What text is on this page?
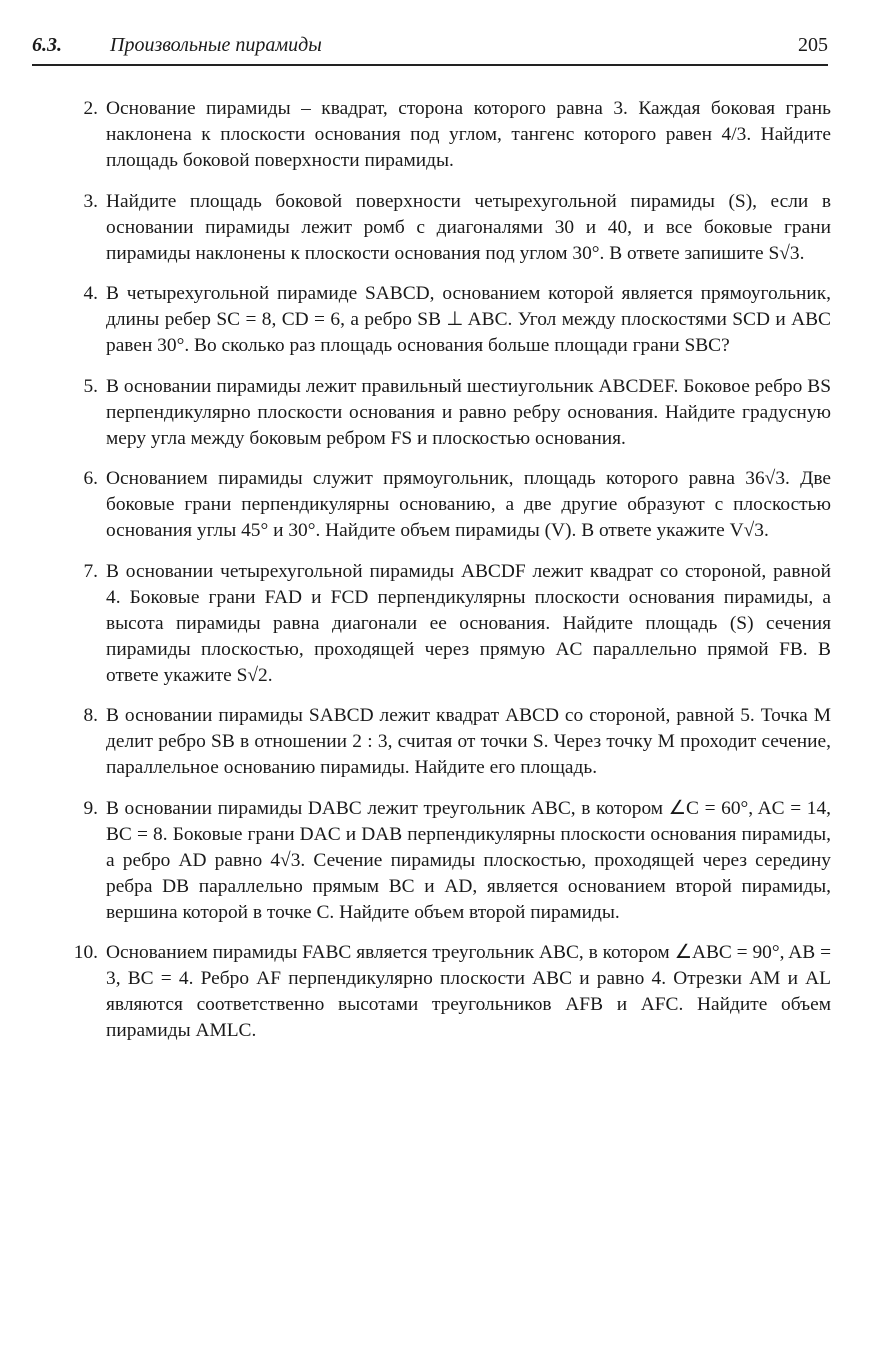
6.3. Произвольные пирамиды	205
2. Основание пирамиды – квадрат, сторона которого равна 3. Каждая боковая грань наклонена к плоскости основания под углом, тангенс которого равен 4/3. Найдите площадь боковой поверхности пирамиды.
3. Найдите площадь боковой поверхности четырехугольной пирамиды (S), если в основании пирамиды лежит ромб с диагоналями 30 и 40, и все боковые грани пирамиды наклонены к плоскости основания под углом 30°. В ответе запишите S√3.
4. В четырехугольной пирамиде SABCD, основанием которой является прямоугольник, длины ребер SC = 8, CD = 6, а ребро SB ⊥ ABC. Угол между плоскостями SCD и ABC равен 30°. Во сколько раз площадь основания больше площади грани SBC?
5. В основании пирамиды лежит правильный шестиугольник ABCDEF. Боковое ребро BS перпендикулярно плоскости основания и равно ребру основания. Найдите градусную меру угла между боковым ребром FS и плоскостью основания.
6. Основанием пирамиды служит прямоугольник, площадь которого равна 36√3. Две боковые грани перпендикулярны основанию, а две другие образуют с плоскостью основания углы 45° и 30°. Найдите объем пирамиды (V). В ответе укажите V√3.
7. В основании четырехугольной пирамиды ABCDF лежит квадрат со стороной, равной 4. Боковые грани FAD и FCD перпендикулярны плоскости основания пирамиды, а высота пирамиды равна диагонали ее основания. Найдите площадь (S) сечения пирамиды плоскостью, проходящей через прямую AC параллельно прямой FB. В ответе укажите S√2.
8. В основании пирамиды SABCD лежит квадрат ABCD со стороной, равной 5. Точка M делит ребро SB в отношении 2 : 3, считая от точки S. Через точку M проходит сечение, параллельное основанию пирамиды. Найдите его площадь.
9. В основании пирамиды DABC лежит треугольник ABC, в котором ∠C = 60°, AC = 14, BC = 8. Боковые грани DAC и DAB перпендикулярны плоскости основания пирамиды, а ребро AD равно 4√3. Сечение пирамиды плоскостью, проходящей через середину ребра DB параллельно прямым BC и AD, является основанием второй пирамиды, вершина которой в точке C. Найдите объем второй пирамиды.
10. Основанием пирамиды FABC является треугольник ABC, в котором ∠ABC = 90°, AB = 3, BC = 4. Ребро AF перпендикулярно плоскости ABC и равно 4. Отрезки AM и AL являются соответственно высотами треугольников AFB и AFC. Найдите объем пирамиды AMLC.
